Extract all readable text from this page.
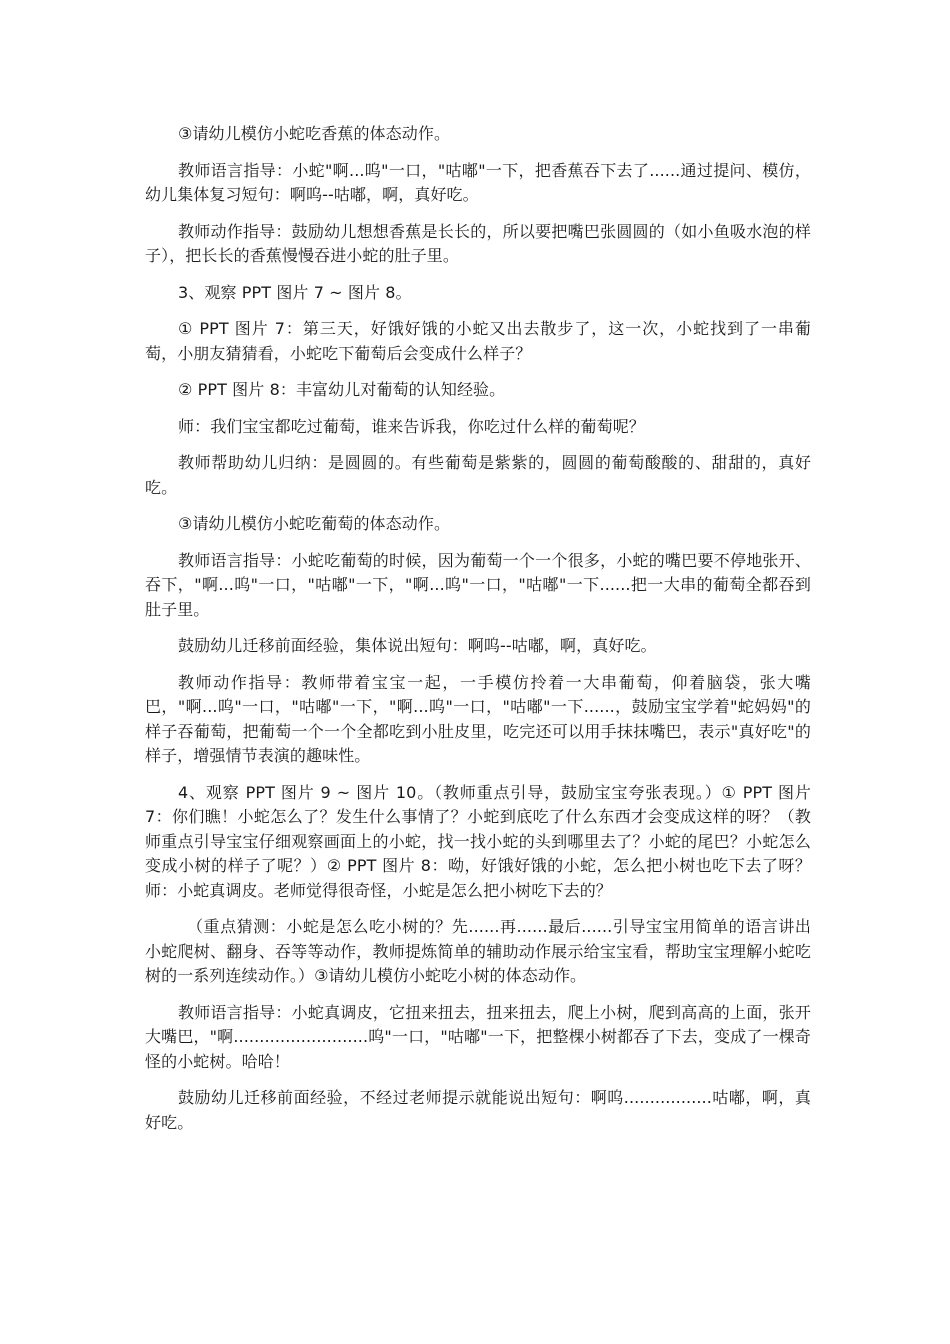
③请幼儿模仿小蛇吃香蕉的体态动作。

教师语言指导：小蛇"啊...呜"一口，"咕嘟"一下，把香蕉吞下去了......通过提问、模仿，幼儿集体复习短句：啊呜--咕嘟，啊，真好吃。

教师动作指导：鼓励幼儿想想香蕉是长长的，所以要把嘴巴张圆圆的（如小鱼吸水泡的样子），把长长的香蕉慢慢吞进小蛇的肚子里。

3、观察 PPT 图片 7 ~ 图片 8。

① PPT 图片 7：第三天，好饿好饿的小蛇又出去散步了，这一次，小蛇找到了一串葡萄，小朋友猜猜看，小蛇吃下葡萄后会变成什么样子？

② PPT 图片 8：丰富幼儿对葡萄的认知经验。

师：我们宝宝都吃过葡萄，谁来告诉我，你吃过什么样的葡萄呢？

教师帮助幼儿归纳：是圆圆的。有些葡萄是紫紫的，圆圆的葡萄酸酸的、甜甜的，真好吃。

③请幼儿模仿小蛇吃葡萄的体态动作。

教师语言指导：小蛇吃葡萄的时候，因为葡萄一个一个很多，小蛇的嘴巴要不停地张开、吞下，"啊...呜"一口，"咕嘟"一下，"啊...呜"一口，"咕嘟"一下......把一大串的葡萄全都吞到肚子里。

鼓励幼儿迁移前面经验，集体说出短句：啊呜--咕嘟，啊，真好吃。

教师动作指导：教师带着宝宝一起，一手模仿拎着一大串葡萄，仰着脑袋，张大嘴巴，"啊...呜"一口，"咕嘟"一下，"啊...呜"一口，"咕嘟"一下......，鼓励宝宝学着"蛇妈妈"的样子吞葡萄，把葡萄一个一个全都吃到小肚皮里，吃完还可以用手抹抹嘴巴，表示"真好吃"的样子，增强情节表演的趣味性。

4、观察 PPT 图片 9 ~ 图片 10。（教师重点引导，鼓励宝宝夸张表现。）① PPT 图片 7：你们瞧！小蛇怎么了？发生什么事情了？小蛇到底吃了什么东西才会变成这样的呀？（教师重点引导宝宝仔细观察画面上的小蛇，找一找小蛇的头到哪里去了？小蛇的尾巴？小蛇怎么变成小树的样子了呢？）② PPT 图片 8：呦，好饿好饿的小蛇，怎么把小树也吃下去了呀？师：小蛇真调皮。老师觉得很奇怪，小蛇是怎么把小树吃下去的？

（重点猜测：小蛇是怎么吃小树的？先......再......最后......引导宝宝用简单的语言讲出小蛇爬树、翻身、吞等等动作，教师提炼简单的辅助动作展示给宝宝看，帮助宝宝理解小蛇吃树的一系列连续动作。）③请幼儿模仿小蛇吃小树的体态动作。

教师语言指导：小蛇真调皮，它扭来扭去，扭来扭去，爬上小树，爬到高高的上面，张开大嘴巴，"啊..........................呜"一口，"咕嘟"一下，把整棵小树都吞了下去，变成了一棵奇怪的小蛇树。哈哈！

鼓励幼儿迁移前面经验，不经过老师提示就能说出短句：啊呜.................咕嘟，啊，真好吃。
